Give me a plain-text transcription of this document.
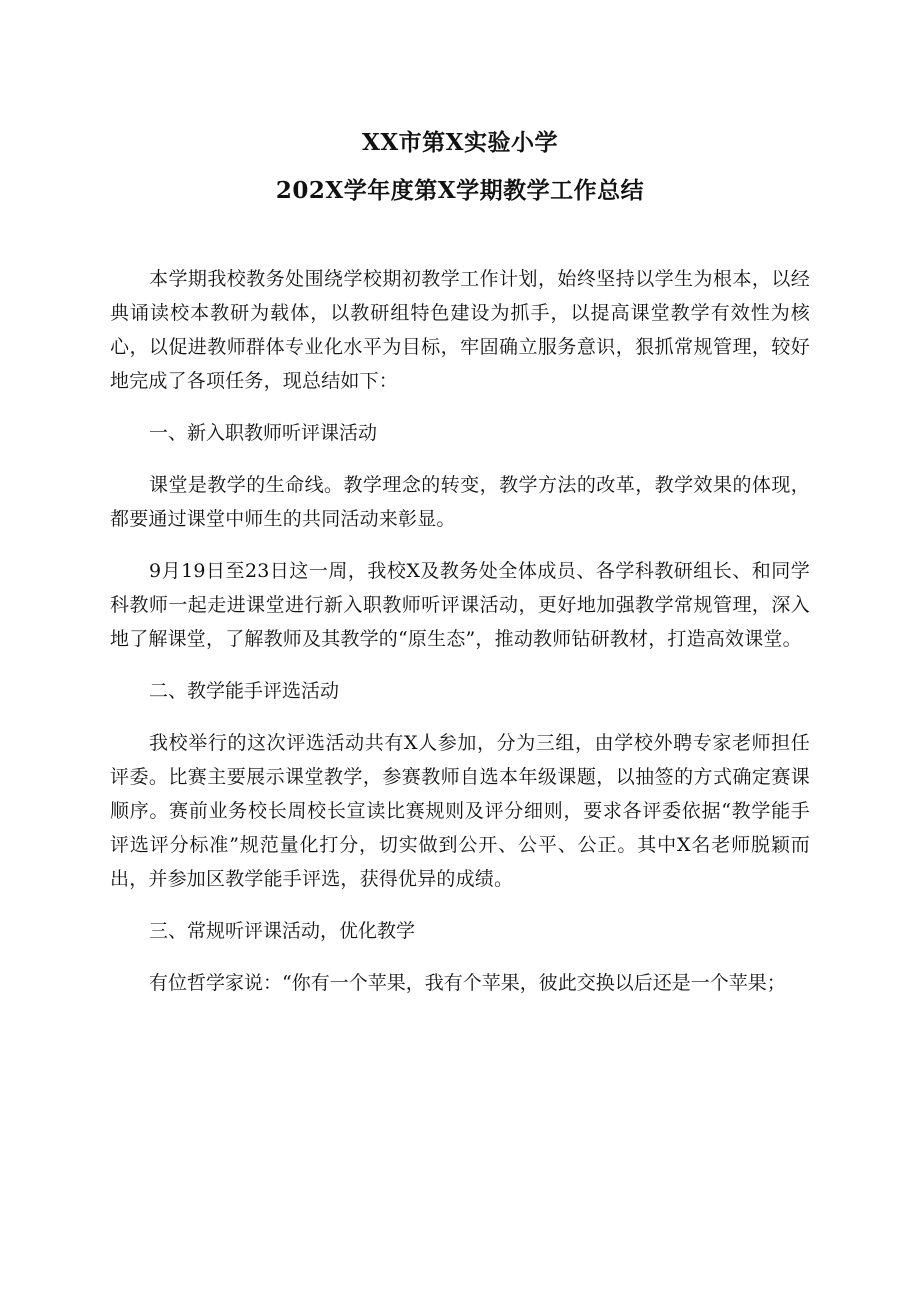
XX市第X实验小学
202X学年度第X学期教学工作总结

本学期我校教务处围绕学校期初教学工作计划，始终坚持以学生为根本，以经典诵读校本教研为载体，以教研组特色建设为抓手，以提高课堂教学有效性为核心，以促进教师群体专业化水平为目标，牢固确立服务意识，狠抓常规管理，较好地完成了各项任务，现总结如下：

一、新入职教师听评课活动

课堂是教学的生命线。教学理念的转变，教学方法的改革，教学效果的体现，都要通过课堂中师生的共同活动来彰显。

9月19日至23日这一周，我校X及教务处全体成员、各学科教研组长、和同学科教师一起走进课堂进行新入职教师听评课活动，更好地加强教学常规管理，深入地了解课堂，了解教师及其教学的“原生态”，推动教师钻研教材，打造高效课堂。

二、教学能手评选活动

我校举行的这次评选活动共有X人参加，分为三组，由学校外聘专家老师担任评委。比赛主要展示课堂教学，参赛教师自选本年级课题，以抽签的方式确定赛课顺序。赛前业务校长周校长宣读比赛规则及评分细则，要求各评委依据“教学能手评选评分标准”规范量化打分，切实做到公开、公平、公正。其中X名老师脱颖而出，并参加区教学能手评选，获得优异的成绩。

三、常规听评课活动，优化教学

有位哲学家说：“你有一个苹果，我有个苹果，彼此交换以后还是一个苹果；
